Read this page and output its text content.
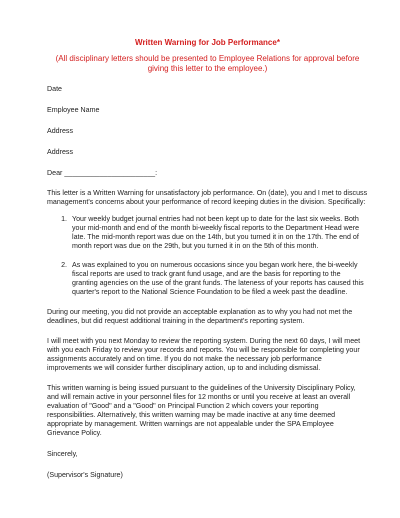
Written Warning for Job Performance*

(All disciplinary letters should be presented to Employee Relations for approval before giving this letter to the employee.)

Date

Employee Name

Address

Address

Dear _______________________:

This letter is a Written Warning for unsatisfactory job performance. On (date), you and I met to discuss management's concerns about your performance of record keeping duties in the division. Specifically:

1. Your weekly budget journal entries had not been kept up to date for the last six weeks. Both your mid-month and end of the month bi-weekly fiscal reports to the Department Head were late. The mid-month report was due on the 14th, but you turned it in on the 17th. The end of month report was due on the 29th, but you turned it in on the 5th of this month.
2. As was explained to you on numerous occasions since you began work here, the bi-weekly fiscal reports are used to track grant fund usage, and are the basis for reporting to the granting agencies on the use of the grant funds. The lateness of your reports has caused this quarter's report to the National Science Foundation to be filed a week past the deadline.

During our meeting, you did not provide an acceptable explanation as to why you had not met the deadlines, but did request additional training in the department's reporting system.

I will meet with you next Monday to review the reporting system. During the next 60 days, I will meet with you each Friday to review your records and reports. You will be responsible for completing your assignments accurately and on time. If you do not make the necessary job performance improvements we will consider further disciplinary action, up to and including dismissal.

This written warning is being issued pursuant to the guidelines of the University Disciplinary Policy, and will remain active in your personnel files for 12 months or until you receive at least an overall evaluation of "Good" and a "Good" on Principal Function 2 which covers your reporting responsibilities. Alternatively, this written warning may be made inactive at any time deemed appropriate by management. Written warnings are not appealable under the SPA Employee Grievance Policy.

Sincerely,

(Supervisor's Signature)
